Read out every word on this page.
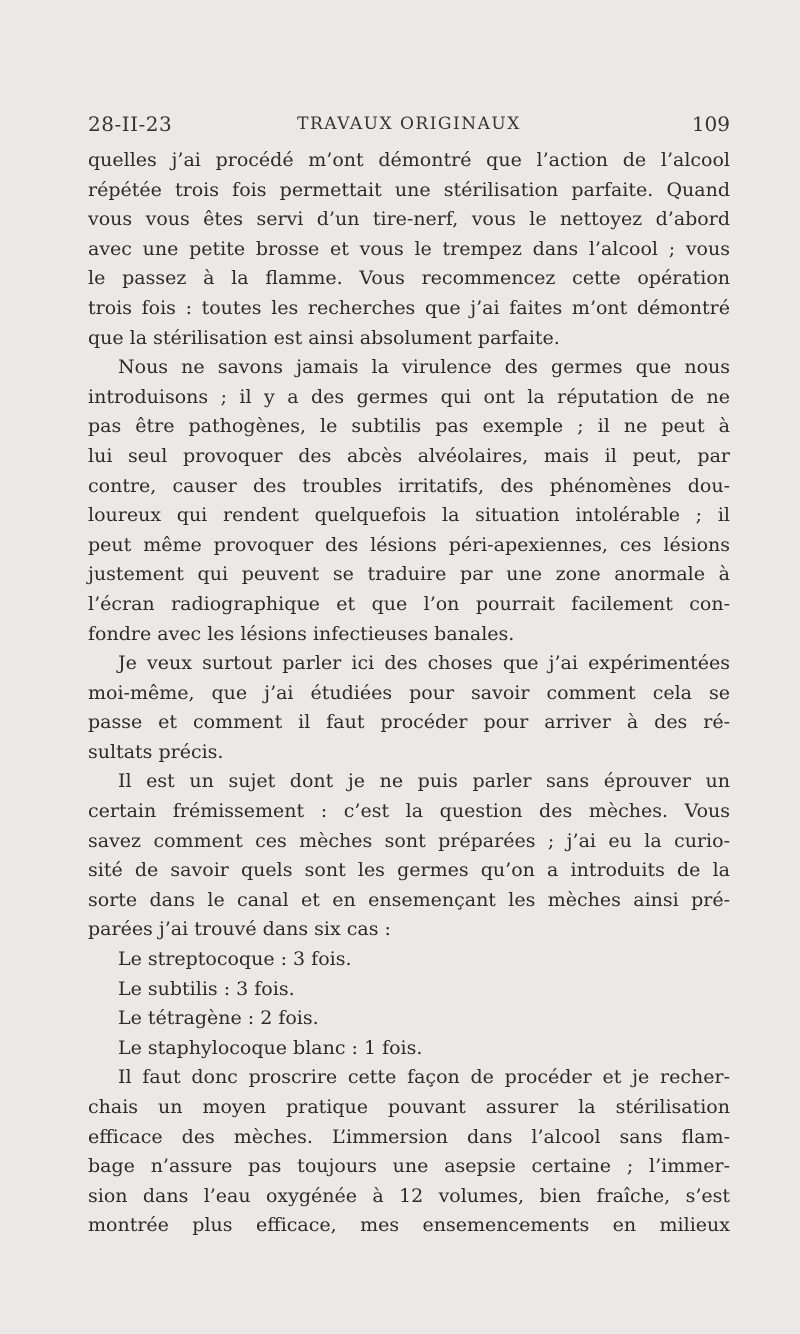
28-II-23	TRAVAUX ORIGINAUX	109
quelles j’ai procédé m’ont démontré que l’action de l’alcool
répétée trois fois permettait une stérilisation parfaite. Quand
vous vous êtes servi d’un tire-nerf, vous le nettoyez d’abord
avec une petite brosse et vous le trempez dans l’alcool ; vous
le passez à la flamme. Vous recommencez cette opération
trois fois : toutes les recherches que j’ai faites m’ont démontré
que la stérilisation est ainsi absolument parfaite.
Nous ne savons jamais la virulence des germes que nous
introduisons ; il y a des germes qui ont la réputation de ne
pas être pathogènes, le subtilis pas exemple ; il ne peut à
lui seul provoquer des abcès alvéolaires, mais il peut, par
contre, causer des troubles irritatifs, des phénomènes dou-
loureux qui rendent quelquefois la situation intolérable ; il
peut même provoquer des lésions péri-apexiennes, ces lésions
justement qui peuvent se traduire par une zone anormale à
l’écran radiographique et que l’on pourrait facilement con-
fondre avec les lésions infectieuses banales.
Je veux surtout parler ici des choses que j’ai expérimentées
moi-même, que j’ai étudiées pour savoir comment cela se
passe et comment il faut procéder pour arriver à des ré-
sultats précis.
Il est un sujet dont je ne puis parler sans éprouver un
certain frémissement : c’est la question des mèches. Vous
savez comment ces mèches sont préparées ; j’ai eu la curio-
sité de savoir quels sont les germes qu’on a introduits de la
sorte dans le canal et en ensemençant les mèches ainsi pré-
parées j’ai trouvé dans six cas :
Le streptocoque : 3 fois.
Le subtilis : 3 fois.
Le tétragène : 2 fois.
Le staphylocoque blanc : 1 fois.
Il faut donc proscrire cette façon de procéder et je recher-
chais un moyen pratique pouvant assurer la stérilisation
efficace des mèches. L’immersion dans l’alcool sans flam-
bage n’assure pas toujours une asepsie certaine ; l’immer-
sion dans l’eau oxygénée à 12 volumes, bien fraîche, s’est
montrée plus efficace, mes ensemencements en milieux
